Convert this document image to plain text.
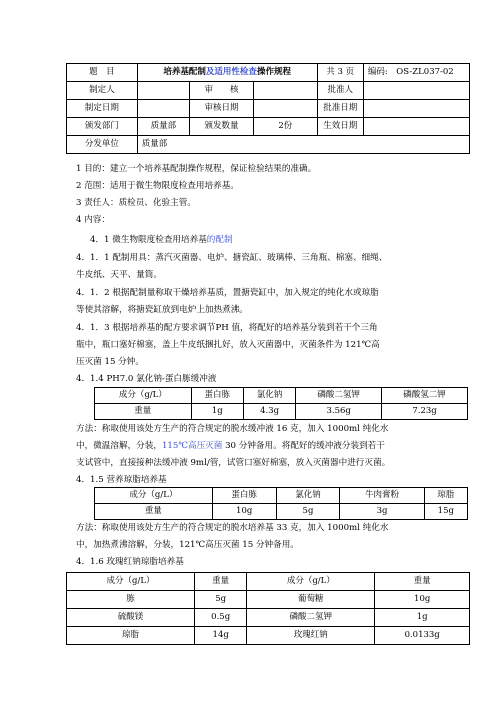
题　目	培养基配制及适用性检查操作规程			共 3 页	编码:　OS-ZL037-02
制定人		审　　核		批准人	
制定日期		审核日期		批准日期	
颁发部门	质量部	颁发数量	2份	生效日期	
分发单位	质量部				
1 目的：建立一个培养基配制操作规程，保证检验结果的准确。
2 范围：适用于微生物限度检查用培养基。
3 责任人：质检员、化验主管。
4 内容：
4．1 微生物限度检查用培养基的配制
4．1．1 配制用具：蒸汽灭菌器、电炉、搪瓷缸、玻璃棒、三角瓶、棉塞、细绳、
牛皮纸、天平、量筒。
4．1．2 根据配制量称取干燥培养基质，置搪瓷缸中，加入规定的纯化水或琼脂
等使其溶解，将搪瓷缸放到电炉上加热煮沸。
4．1．3 根据培养基的配方要求调节PH 值，将配好的培养基分装到若干个三角
瓶中，瓶口塞好棉塞，盖上牛皮纸捆扎好，放入灭菌器中，灭菌条件为 121℃高
压灭菌 15 分钟。
4．1.4 PH7.0 氯化钠-蛋白胨缓冲液
成分（g/L）	蛋白胨	氯化钠	磷酸二氢钾	磷酸氢二钾
重量	1g	4.3g	3.56g	7.23g
方法：称取使用该处方生产的符合规定的脱水缓冲液 16 克，加入 1000ml 纯化水
中，微温溶解，分装，115℃高压灭菌 30 分钟备用。将配好的缓冲液分装到若干
支试管中，直接接种法缓冲液 9ml/管，试管口塞好棉塞，放入灭菌器中进行灭菌。
4．1.5 营养琼脂培养基
成分（g/L）	蛋白胨	氯化钠	牛肉膏粉	琼脂
重量	10g	5g	3g	15g
方法：称取使用该处方生产的符合规定的脱水培养基 33 克，加入 1000ml 纯化水
中，加热煮沸溶解，分装，121℃高压灭菌 15 分钟备用。
4．1.6 玫瑰红钠琼脂培养基
成分（g/L）	重量	成分（g/L）	重量
胨	5g	葡萄糖	10g
硫酸镁	0.5g	磷酸二氢钾	1g
琼脂	14g	玫瑰红钠	0.0133g
